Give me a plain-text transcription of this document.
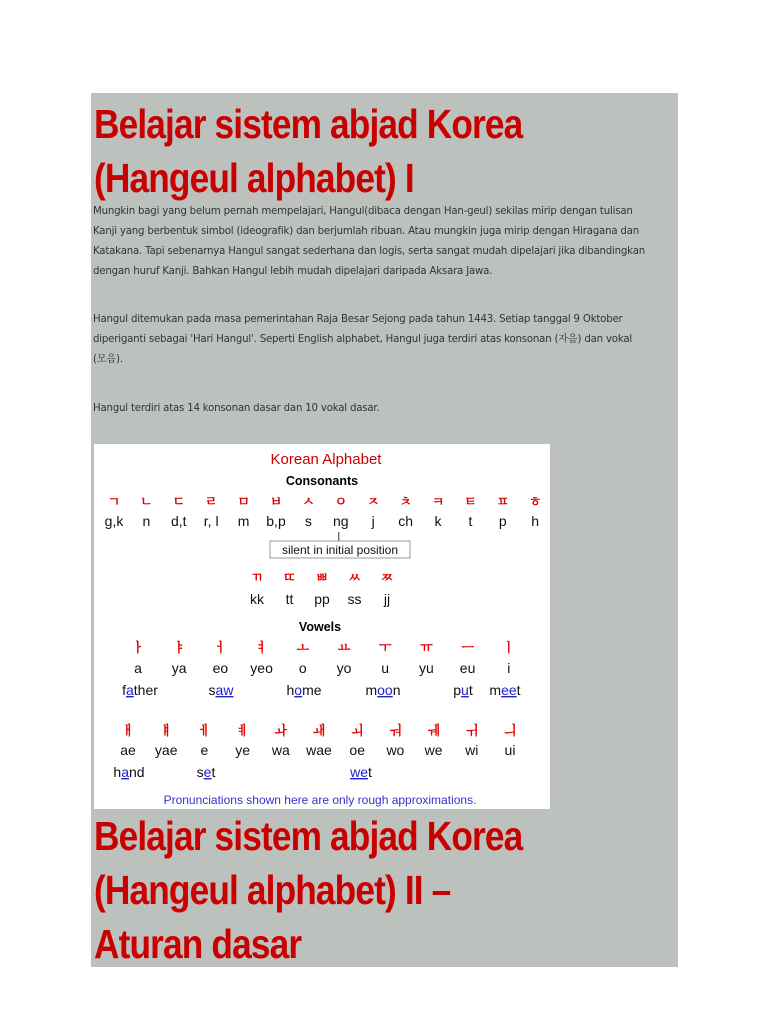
Belajar sistem abjad Korea
(Hangeul alphabet) I

Mungkin bagi yang belum pernah mempelajari, Hangul(dibaca dengan Han-geul) sekilas mirip dengan tulisan
Kanji yang berbentuk simbol (ideografik) dan berjumlah ribuan. Atau mungkin juga mirip dengan Hiragana dan
Katakana. Tapi sebenarnya Hangul sangat sederhana dan logis, serta sangat mudah dipelajari jika dibandingkan
dengan huruf Kanji. Bahkan Hangul lebih mudah dipelajari daripada Aksara Jawa.

Hangul ditemukan pada masa pemerintahan Raja Besar Sejong pada tahun 1443. Setiap tanggal 9 Oktober
diperiganti sebagai 'Hari Hangul'. Seperti English alphabet, Hangul juga terdiri atas konsonan (자음) dan vokal
(모음).

Hangul terdiri atas 14 konsonan dasar dan 10 vokal dasar.

Korean Alphabet
Consonants
ㄱ ㄴ ㄷ ㄹ ㅁ ㅂ ㅅ ㅇ ㅈ ㅊ ㅋ ㅌ ㅍ ㅎ
g,k n d,t r, l m b,p s ng j ch k t p h
silent in initial position
ㄲ ㄸ ㅃ ㅆ ㅉ
kk tt pp ss jj
Vowels
ㅏ ㅑ ㅓ ㅕ ㅗ ㅛ ㅜ ㅠ ㅡ ㅣ
a ya eo yeo o yo u yu eu i
father	saw	home	moon	put meet
ㅐ ㅒ ㅔ ㅖ ㅘ ㅙ ㅚ ㅝ ㅞ ㅟ ㅢ
ae yae e ye wa wae oe wo we wi ui
hand	set	wet
Pronunciations shown here are only rough approximations.
Belajar sistem abjad Korea
(Hangeul alphabet) II –
Aturan dasar
